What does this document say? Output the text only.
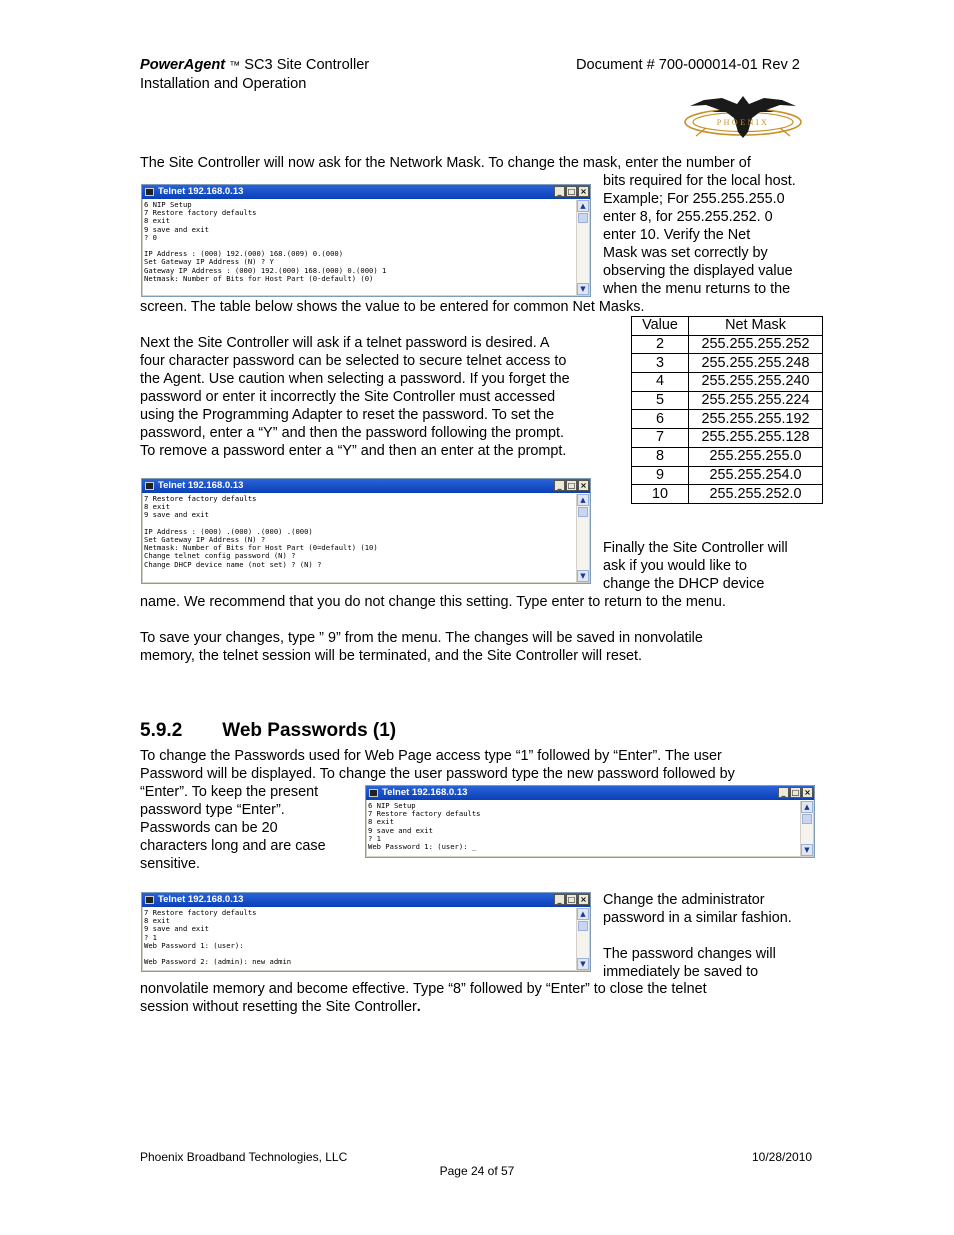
PowerAgent ™ SC3 Site Controller
Installation and Operation
Document # 700-000014-01 Rev 2
PHOENIX

The Site Controller will now ask for the Network Mask. To change the mask, enter the number of

bits required for the local host.

Example; For 255.255.255.0

enter 8, for 255.255.252. 0

enter 10. Verify the Net

Mask was set correctly by

observing the displayed value

when the menu returns to the

screen. The table below shows the value to be entered for common Net Masks.

Telnet 192.168.0.13	_ □ ×
6 NIP Setup
7 Restore factory defaults
8 exit
9 save and exit
? 0

IP Address : (000) 192.(000) 168.(009) 0.(000)
Set Gateway IP Address (N) ? Y
Gateway IP Address : (000) 192.(000) 168.(000) 0.(000) 1
Netmask: Number of Bits for Host Part (0-default) (0)
▲
▼
Value	Net Mask
2	255.255.255.252
3	255.255.255.248
4	255.255.255.240
5	255.255.255.224
6	255.255.255.192
7	255.255.255.128
8	255.255.255.0
9	255.255.254.0
10	255.255.252.0

Next the Site Controller will ask if a telnet password is desired. A

four character password can be selected to secure telnet access to

the Agent. Use caution when selecting a password. If you forget the

password or enter it incorrectly the Site Controller must accessed

using the Programming Adapter to reset the password. To set the

password, enter a “Y” and then the password following the prompt.

To remove a password enter a “Y” and then an enter at the prompt.

Telnet 192.168.0.13	_ □ ×
7 Restore factory defaults
8 exit
9 save and exit

IP Address : (000) .(000) .(000) .(000)
Set Gateway IP Address (N) ?
Netmask: Number of Bits for Host Part (0=default) (10)
Change telnet config password (N) ?
Change DHCP device name (not set) ? (N) ?
▲
▼

Finally the Site Controller will

ask if you would like to

change the DHCP device

name. We recommend that you do not change this setting. Type enter to return to the menu.

To save your changes, type ” 9” from the menu. The changes will be saved in nonvolatile

memory, the telnet session will be terminated, and the Site Controller will reset.

5.9.2 Web Passwords (1)

To change the Passwords used for Web Page access type “1” followed by “Enter”. The user

Password will be displayed. To change the user password type the new password followed by

“Enter”. To keep the present

password type “Enter”.

Passwords can be 20

characters long and are case

sensitive.

Telnet 192.168.0.13	_ □ ×
6 NIP Setup
7 Restore factory defaults
8 exit
9 save and exit
? 1
Web Password 1: (user): _
▲
▼
Telnet 192.168.0.13	_ □ ×
7 Restore factory defaults
8 exit
9 save and exit
? 1
Web Password 1: (user):

Web Password 2: (admin): new admin
▲
▼

Change the administrator

password in a similar fashion.

The password changes will

immediately be saved to

nonvolatile memory and become effective. Type “8” followed by “Enter” to close the telnet

session without resetting the Site Controller.

Phoenix Broadband Technologies, LLC	10/28/2010
Page 24 of 57
